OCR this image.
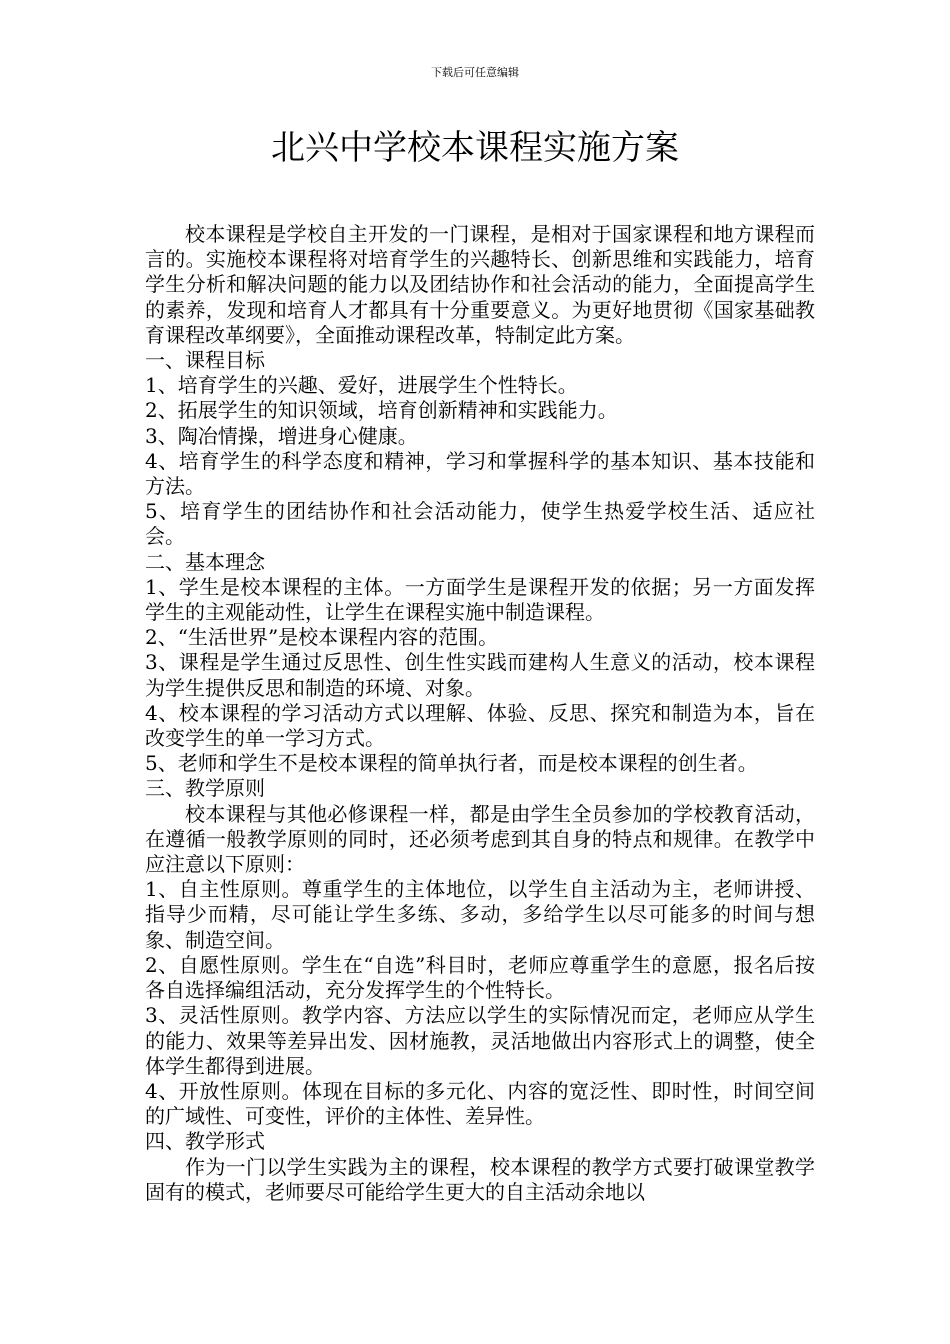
下载后可任意编辑
北兴中学校本课程实施方案

校本课程是学校自主开发的一门课程，是相对于国家课程和地方课程而言的。实施校本课程将对培育学生的兴趣特长、创新思维和实践能力，培育学生分析和解决问题的能力以及团结协作和社会活动的能力，全面提高学生的素养，发现和培育人才都具有十分重要意义。为更好地贯彻《国家基础教育课程改革纲要》，全面推动课程改革，特制定此方案。

一、课程目标

1、培育学生的兴趣、爱好，进展学生个性特长。

2、拓展学生的知识领域，培育创新精神和实践能力。

3、陶冶情操，增进身心健康。

4、培育学生的科学态度和精神，学习和掌握科学的基本知识、基本技能和方法。

5、培育学生的团结协作和社会活动能力，使学生热爱学校生活、适应社会。

二、基本理念

1、学生是校本课程的主体。一方面学生是课程开发的依据；另一方面发挥学生的主观能动性，让学生在课程实施中制造课程。

2、“生活世界”是校本课程内容的范围。

3、课程是学生通过反思性、创生性实践而建构人生意义的活动，校本课程为学生提供反思和制造的环境、对象。

4、校本课程的学习活动方式以理解、体验、反思、探究和制造为本，旨在改变学生的单一学习方式。

5、老师和学生不是校本课程的简单执行者，而是校本课程的创生者。

三、教学原则

校本课程与其他必修课程一样，都是由学生全员参加的学校教育活动，在遵循一般教学原则的同时，还必须考虑到其自身的特点和规律。在教学中应注意以下原则：

1、自主性原则。尊重学生的主体地位，以学生自主活动为主，老师讲授、指导少而精，尽可能让学生多练、多动，多给学生以尽可能多的时间与想象、制造空间。

2、自愿性原则。学生在“自选”科目时，老师应尊重学生的意愿，报名后按各自选择编组活动，充分发挥学生的个性特长。

3、灵活性原则。教学内容、方法应以学生的实际情况而定，老师应从学生的能力、效果等差异出发、因材施教，灵活地做出内容形式上的调整，使全体学生都得到进展。

4、开放性原则。体现在目标的多元化、内容的宽泛性、即时性，时间空间的广域性、可变性，评价的主体性、差异性。

四、教学形式

作为一门以学生实践为主的课程，校本课程的教学方式要打破课堂教学固有的模式，老师要尽可能给学生更大的自主活动余地以
